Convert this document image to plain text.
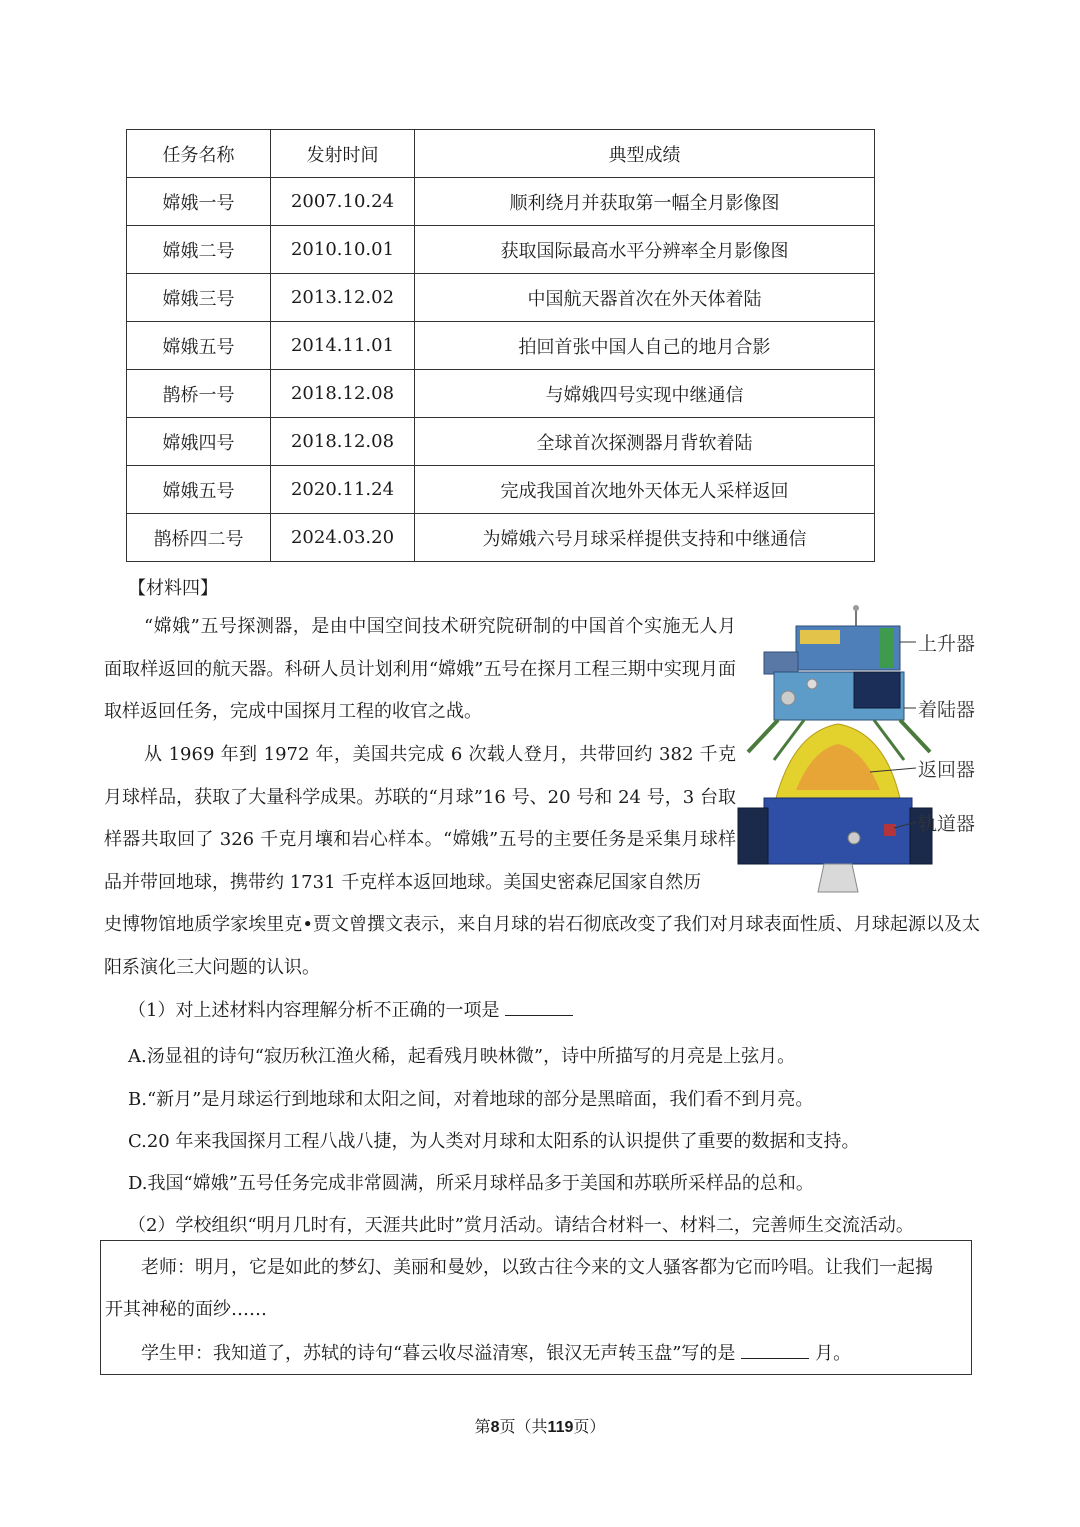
任务名称	发射时间	典型成绩
嫦娥一号	2007.10.24	顺利绕月并获取第一幅全月影像图
嫦娥二号	2010.10.01	获取国际最高水平分辨率全月影像图
嫦娥三号	2013.12.02	中国航天器首次在外天体着陆
嫦娥五号	2014.11.01	拍回首张中国人自己的地月合影
鹊桥一号	2018.12.08	与嫦娥四号实现中继通信
嫦娥四号	2018.12.08	全球首次探测器月背软着陆
嫦娥五号	2020.11.24	完成我国首次地外天体无人采样返回
鹊桥四二号	2024.03.20	为嫦娥六号月球采样提供支持和中继通信
【材料四】

“嫦娥”五号探测器，是由中国空间技术研究院研制的中国首个实施无人月面取样返回的航天器。科研人员计划利用“嫦娥”五号在探月工程三期中实现月面取样返回任务，完成中国探月工程的收官之战。

从 1969 年到 1972 年，美国共完成 6 次载人登月，共带回约 382 千克月球样品，获取了大量科学成果。苏联的“月球”16 号、20 号和 24 号，3 台取样器共取回了 326 千克月壤和岩心样本。“嫦娥”五号的主要任务是采集月球样品并带回地球，携带约 1731 千克样本返回地球。美国史密森尼国家自然历

史博物馆地质学家埃里克•贾文曾撰文表示，来自月球的岩石彻底改变了我们对月球表面性质、月球起源以及太阳系演化三大问题的认识。

上升器
着陆器
返回器
轨道器
（1）对上述材料内容理解分析不正确的一项是
A.汤显祖的诗句“寂历秋江渔火稀，起看残月映林微”，诗中所描写的月亮是上弦月。
B.“新月”是月球运行到地球和太阳之间，对着地球的部分是黑暗面，我们看不到月亮。
C.20 年来我国探月工程八战八捷，为人类对月球和太阳系的认识提供了重要的数据和支持。
D.我国“嫦娥”五号任务完成非常圆满，所采月球样品多于美国和苏联所采样品的总和。
（2）学校组织“明月几时有，天涯共此时”赏月活动。请结合材料一、材料二，完善师生交流活动。

老师：明月，它是如此的梦幻、美丽和曼妙，以致古往今来的文人骚客都为它而吟唱。让我们一起揭

开其神秘的面纱……

学生甲：我知道了，苏轼的诗句“暮云收尽溢清寒，银汉无声转玉盘”写的是	月。

第8页（共119页）
